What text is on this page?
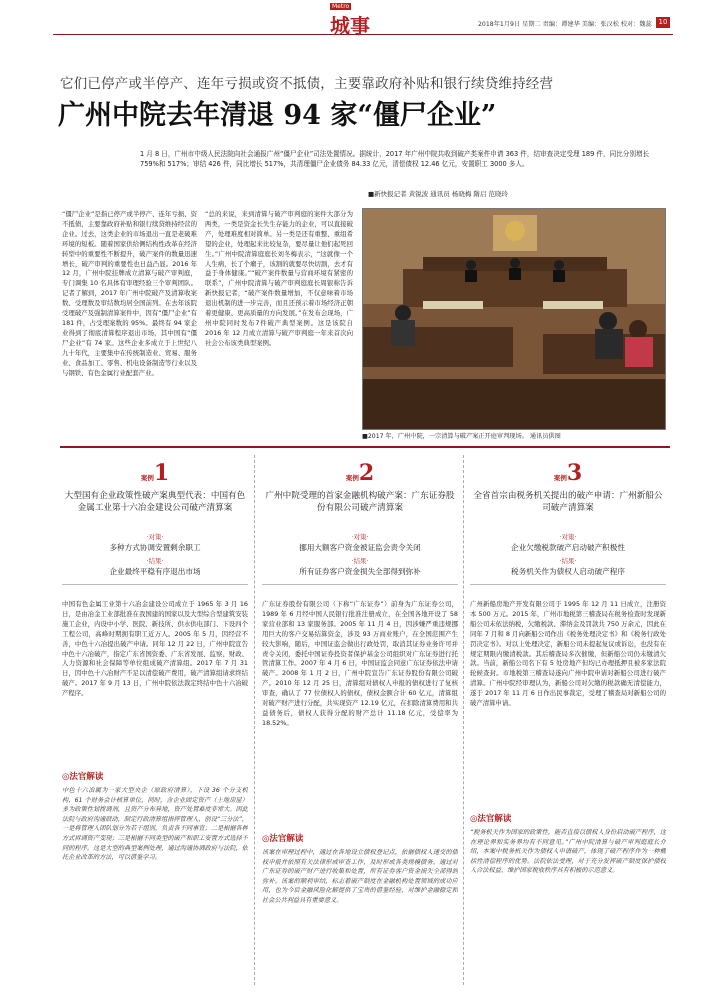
Metro
城事	2018年1月9日 星期二 责编：谭建华 美编：张汉松 校对：魏蕊 10
它们已停产或半停产、连年亏损或资不抵债，主要靠政府补贴和银行续贷维持经营
广州中院去年清退 94 家“僵尸企业”
1 月 8 日，广州市中级人民法院向社会通报广州“僵尸企业”司法处置情况。据统计，2017 年广州中院共收到破产类案件申请 363 件，结审查决定受理 189 件，同比分别增长 759%和 517%；审结 426 件，同比增长 517%，共清理僵尸企业债务 84.33 亿元，清偿债权 12.46 亿元，安置职工 3000 多人。
■新快报记者 黄锐波 通讯员 杨晓梅 隋启 范晓玲
“僵尸企业”是指已停产或半停产、连年亏损、资不抵债，主要靠政府补贴和银行续贷维持经营的企业。过去，这类企业的市场退出一直是老破难环境的短板。随着国家供给侧结构性改革在经济转型中的重要性不断提升，破产案件的数量迅速增长，破产审判的重要性也日益凸显。2016 年 12 月，广州中院挂牌成立清算与破产审判庭，专门调集 10 名具体有审理经验三个审判团队。记者了解到，2017 年广州中院破产及清算收案数、受理数及审结数均居全国前列。在去年该院受理破产及强制清算案件中，因有“僵尸企业”有 181 件，占受理案数的 95%。最终有 94 家企业得到了彻底清算程序退出市场，其中国有“僵尸企业”有 74 家。这些企业多成立于上世纪八九十年代，主要集中在传统制造业、贸易、服务业、食品加工、零售、机电设备制造等行业以及与钢铁、有色金属行业配套产业。
“总的来说，来到清算与破产审判庭的案件大部分为两类，一类是资金长失生存能力的企业，可以直接破产，处理难度相对简单。另一类是还有重整、重组希望的企业，处理起来比较复杂，要尽量让他们起死回生。”广州中院清算庭庭长刘冬梅表示，“这就像一个人生病，长了个瘤子，该割的就要尽快切割，去才有益于身体健康。”“破产案件数量与营商环境有紧密的联系”，广州中院清算与破产审判庭庭长周银称告诉新快报记者，“破产案件数量增加，不仅意味着市场退出机制的进一步完善，而且还预示着市场经济正朝着更健康、更高质量的方向发展。”在发布会现场，广州中院同时发布7件破产典型案例。这是该院自 2016 年 12 月成立清算与破产审判庭一年来首次向社会公布该类典型案例。
■2017 年，广州中院，一宗清算与破产案正开庭审判现场。 通讯员供图
案例1
大型国有企业政策性破产案典型代表：中国有色金属工业第十六冶金建设公司破产清算案
·对策·
多种方式协调安置剩余职工
·结果·
企业最终平稳有序退出市场
中国有色金属工业第十六冶金建设公司成立于 1965 年 3 月 16 日，是由冶金工业部批准在我国建的国家以及大型综合型建筑安装施工企业，内设中小学、医院、新技所、供水供电部门、下设四个工程公司，高峰时期拥有职工近万人。2005 年 5 月，因经营不善，中色十六冶提出破产申请。同年 12 月 22 日，广州中院宣告中色十六冶破产，指定广东省国资委、广东省发展、监察、财政、人力资源和社会保障等单位组成破产清算组。2017 年 7 月 31 日，因中色十六冶财产不足以清偿破产费用，破产清算组请求终结破产。2017 年 9 月 13 日，广州中院依法裁定终结中色十六冶破产程序。
◎法官解读
中色十六冶属为一家大型央企（原政府清算），下设 36 个分支机构、61 个财务会计核算单位，同时，含企业固定资产（土地房屋）多为政策性划拨调剂，且资产分布异地，资产处置难度非常大。因此法院与政府沟通联动，制定行政清算组指挥管理人，创设“三分法”，一是将管理人团队划分为若干组别，负责各不同事宜；二是根据各种方式拆调资产变现；三是根据不同类型的破产和职工安置方式选择不同的程序。这是大型的典型案例处理，通过沟通协调政府与法院，依托企业改革的方法，可以借鉴学习。
案例2
广州中院受理的首家金融机构破产案：广东证券股份有限公司破产清算案
·对策·
挪用大额客户资金被证监会责令关闭
·结果·
所有证券客户资金损失全部得到弥补
广东证券股份有限公司（下称“广东证券”）前身为广东证券公司，1989 年 6 月经中国人民银行批准注册成立，在全国各地开设了 58 家营业部和 13 家服务部。2005 年 11 月 4 日，因涉嫌严重违规挪用巨大的客户交易结算资金，涉及 93 万商业账户，在全国范围产生较大影响，随后，中国证监会做出行政处罚，取消其证券业务许可并责令关闭，委托中国证券投资者保护基金公司组织对广东证券进行托管清算工作。2007 年 4 月 6 日，中国证监会同意广东证券依法申请破产。2008 年 1 月 2 日，广州中院宣告广东证券股份有限公司破产。2010 年 12 月 25 日，清算组对债权人申报的债权进行了复核审查，确认了 77 位债权人的债权，债权金额合计 60 亿元，清算组对破产财产进行分配，共实现资产 12.19 亿元，在扣除清算费用和共益债务后，债权人获得分配的财产总计 11.18 亿元，受偿率为 18.52%。
◎法官解读
该案在审理过程中，通过在各地设立债权登记点，依据债权人递交的债权申报并依照有关法律形成审查工作，及时形成各类规模债务。通过对广东证券的破产财产进行收集和处置，所有证券客户资金损失全部得到弥补。该案的顺利审结，标志着破产制度在金融机构处置领域的成功应用，也为今后金融风险化解提供了宝贵的借鉴经验，对维护金融稳定和社会公共利益具有重要意义。
案例3
全省首宗由税务机关提出的破产申请：广州新船公司破产清算案
·对策·
企业欠缴税款破产启动破产积极性
·结果·
税务机关作为债权人启动破产程序
广州新船房地产开发有限公司于 1995 年 12 月 11 日成立，注册资本 500 万元。2015 年，广州市地税第三稽查局在税务检查时发现新船公司未依法纳税，欠缴税款、滞纳金及罚款共 750 万余元，因此在同年 7 月和 8 月向新船公司作出《税务处理决定书》和《税务行政处罚决定书》。对以上处理决定，新船公司未提起复议或诉讼，也没有在规定期限内缴清税款。其后稽查局多次催缴，但新船公司仍未缴清欠款。当前，新船公司名下有 5 处房地产但均已办理抵押且被多家法院轮候查封。市地税第三稽查局遂向广州中院申请对新船公司进行破产清算。广州中院经审理认为，新船公司对欠缴的税款确无清偿能力，遂于 2017 年 11 月 6 日作出民事裁定，受理了稽查局对新船公司的破产清算申请。
◎法官解读
“税务机关作为国家的政策性，能否直接以债权人身份启动破产程序，这在理论界和实务界均有不同意见。”广州中院清算与破产审判庭庭长介绍，本案中税务机关作为债权人申请破产，体现了破产程序作为一种概括性清偿程序的优势。法院依法受理，对于充分发挥破产制度保护债权人合法权益、维护国家税收秩序具有积极的示范意义。
